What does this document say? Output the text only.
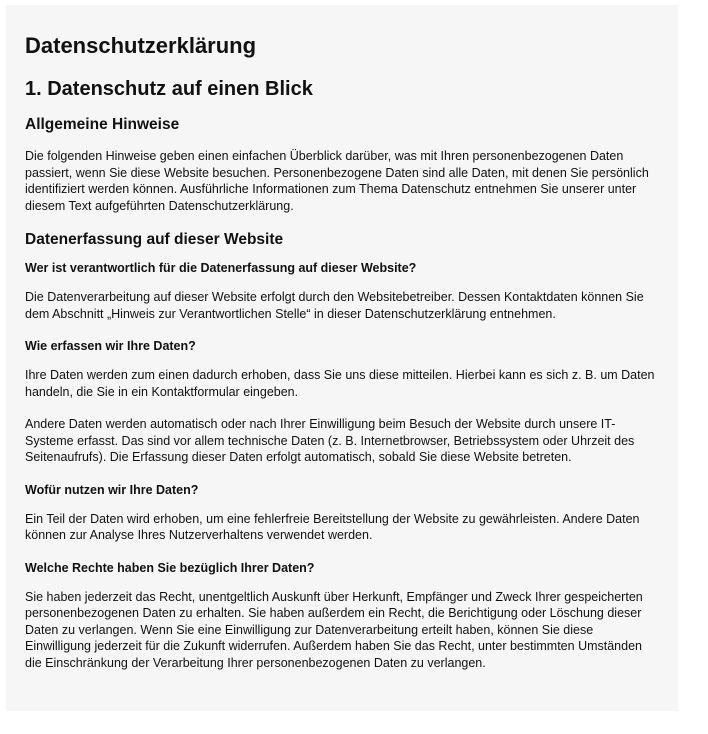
Datenschutzerklärung
1. Datenschutz auf einen Blick
Allgemeine Hinweise

Die folgenden Hinweise geben einen einfachen Überblick darüber, was mit Ihren personenbezogenen Daten passiert, wenn Sie diese Website besuchen. Personenbezogene Daten sind alle Daten, mit denen Sie persönlich identifiziert werden können. Ausführliche Informationen zum Thema Datenschutz entnehmen Sie unserer unter diesem Text aufgeführten Datenschutzerklärung.

Datenerfassung auf dieser Website
Wer ist verantwortlich für die Datenerfassung auf dieser Website?

Die Datenverarbeitung auf dieser Website erfolgt durch den Websitebetreiber. Dessen Kontaktdaten können Sie dem Abschnitt „Hinweis zur Verantwortlichen Stelle“ in dieser Datenschutzerklärung entnehmen.

Wie erfassen wir Ihre Daten?

Ihre Daten werden zum einen dadurch erhoben, dass Sie uns diese mitteilen. Hierbei kann es sich z. B. um Daten handeln, die Sie in ein Kontaktformular eingeben.

Andere Daten werden automatisch oder nach Ihrer Einwilligung beim Besuch der Website durch unsere IT-Systeme erfasst. Das sind vor allem technische Daten (z. B. Internetbrowser, Betriebssystem oder Uhrzeit des Seitenaufrufs). Die Erfassung dieser Daten erfolgt automatisch, sobald Sie diese Website betreten.

Wofür nutzen wir Ihre Daten?

Ein Teil der Daten wird erhoben, um eine fehlerfreie Bereitstellung der Website zu gewährleisten. Andere Daten können zur Analyse Ihres Nutzerverhaltens verwendet werden.

Welche Rechte haben Sie bezüglich Ihrer Daten?

Sie haben jederzeit das Recht, unentgeltlich Auskunft über Herkunft, Empfänger und Zweck Ihrer gespeicherten personenbezogenen Daten zu erhalten. Sie haben außerdem ein Recht, die Berichtigung oder Löschung dieser Daten zu verlangen. Wenn Sie eine Einwilligung zur Datenverarbeitung erteilt haben, können Sie diese Einwilligung jederzeit für die Zukunft widerrufen. Außerdem haben Sie das Recht, unter bestimmten Umständen die Einschränkung der Verarbeitung Ihrer personenbezogenen Daten zu verlangen.
